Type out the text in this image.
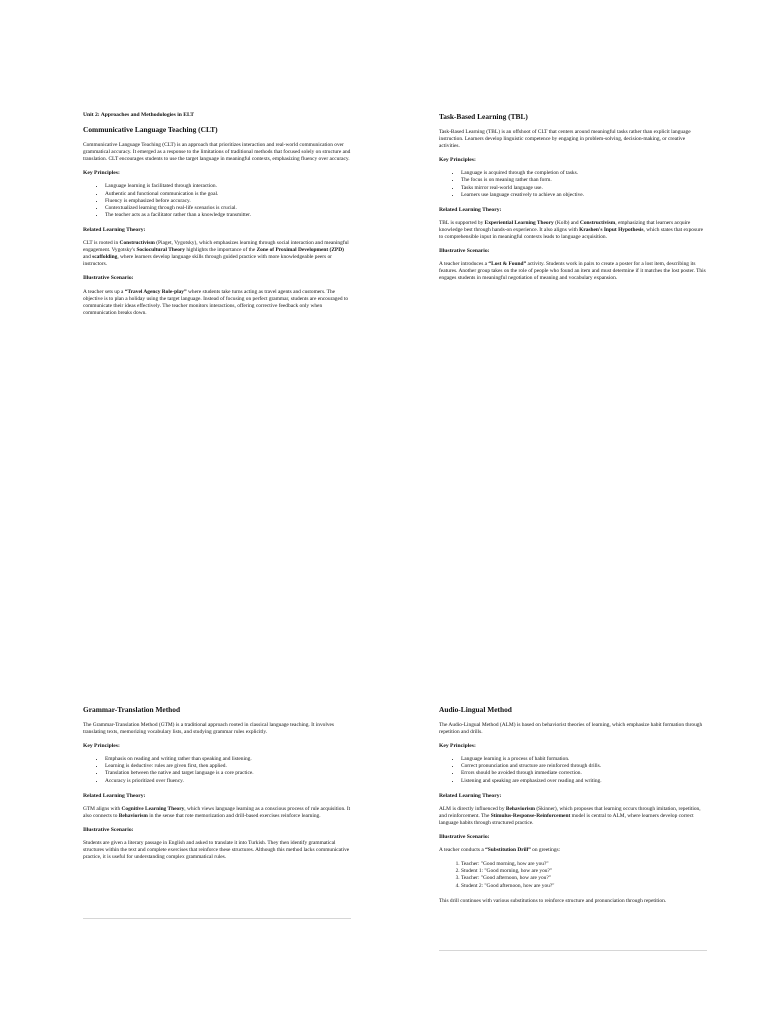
Unit 2: Approaches and Methodologies in ELT
Communicative Language Teaching (CLT)
Communicative Language Teaching (CLT) is an approach that prioritizes interaction and real-world communication over grammatical accuracy. It emerged as a response to the limitations of traditional methods that focused solely on structure and translation. CLT encourages students to use the target language in meaningful contexts, emphasizing fluency over accuracy.
Key Principles:
• Language learning is facilitated through interaction.
• Authentic and functional communication is the goal.
• Fluency is emphasized before accuracy.
• Contextualized learning through real-life scenarios is crucial.
• The teacher acts as a facilitator rather than a knowledge transmitter.
Related Learning Theory:
CLT is rooted in Constructivism (Piaget, Vygotsky), which emphasizes learning through social interaction and meaningful engagement. Vygotsky's Sociocultural Theory highlights the importance of the Zone of Proximal Development (ZPD) and scaffolding, where learners develop language skills through guided practice with more knowledgeable peers or instructors.
Illustrative Scenario:
A teacher sets up a “Travel Agency Role-play” where students take turns acting as travel agents and customers. The objective is to plan a holiday using the target language. Instead of focusing on perfect grammar, students are encouraged to communicate their ideas effectively. The teacher monitors interactions, offering corrective feedback only when communication breaks down.
Task-Based Learning (TBL)
Task-Based Learning (TBL) is an offshoot of CLT that centers around meaningful tasks rather than explicit language instruction. Learners develop linguistic competence by engaging in problem-solving, decision-making, or creative activities.
Key Principles:
• Language is acquired through the completion of tasks.
• The focus is on meaning rather than form.
• Tasks mirror real-world language use.
• Learners use language creatively to achieve an objective.
Related Learning Theory:
TBL is supported by Experiential Learning Theory (Kolb) and Constructivism, emphasizing that learners acquire knowledge best through hands-on experience. It also aligns with Krashen's Input Hypothesis, which states that exposure to comprehensible input in meaningful contexts leads to language acquisition.
Illustrative Scenario:
A teacher introduces a “Lost & Found” activity. Students work in pairs to create a poster for a lost item, describing its features. Another group takes on the role of people who found an item and must determine if it matches the lost poster. This engages students in meaningful negotiation of meaning and vocabulary expansion.
Grammar-Translation Method
The Grammar-Translation Method (GTM) is a traditional approach rooted in classical language teaching. It involves translating texts, memorizing vocabulary lists, and studying grammar rules explicitly.
Key Principles:
• Emphasis on reading and writing rather than speaking and listening.
• Learning is deductive: rules are given first, then applied.
• Translation between the native and target language is a core practice.
• Accuracy is prioritized over fluency.
Related Learning Theory:
GTM aligns with Cognitive Learning Theory, which views language learning as a conscious process of rule acquisition. It also connects to Behaviorism in the sense that rote memorization and drill-based exercises reinforce learning.
Illustrative Scenario:
Students are given a literary passage in English and asked to translate it into Turkish. They then identify grammatical structures within the text and complete exercises that reinforce these structures. Although this method lacks communicative practice, it is useful for understanding complex grammatical rules.
Audio-Lingual Method
The Audio-Lingual Method (ALM) is based on behaviorist theories of learning, which emphasize habit formation through repetition and drills.
Key Principles:
• Language learning is a process of habit formation.
• Correct pronunciation and structure are reinforced through drills.
• Errors should be avoided through immediate correction.
• Listening and speaking are emphasized over reading and writing.
Related Learning Theory:
ALM is directly influenced by Behaviorism (Skinner), which proposes that learning occurs through imitation, repetition, and reinforcement. The Stimulus-Response-Reinforcement model is central to ALM, where learners develop correct language habits through structured practice.
Illustrative Scenario:
A teacher conducts a “Substitution Drill” on greetings:
1. Teacher: "Good morning, how are you?"
2. Student 1: "Good morning, how are you?"
3. Teacher: "Good afternoon, how are you?"
4. Student 2: "Good afternoon, how are you?"
This drill continues with various substitutions to reinforce structure and pronunciation through repetition.
